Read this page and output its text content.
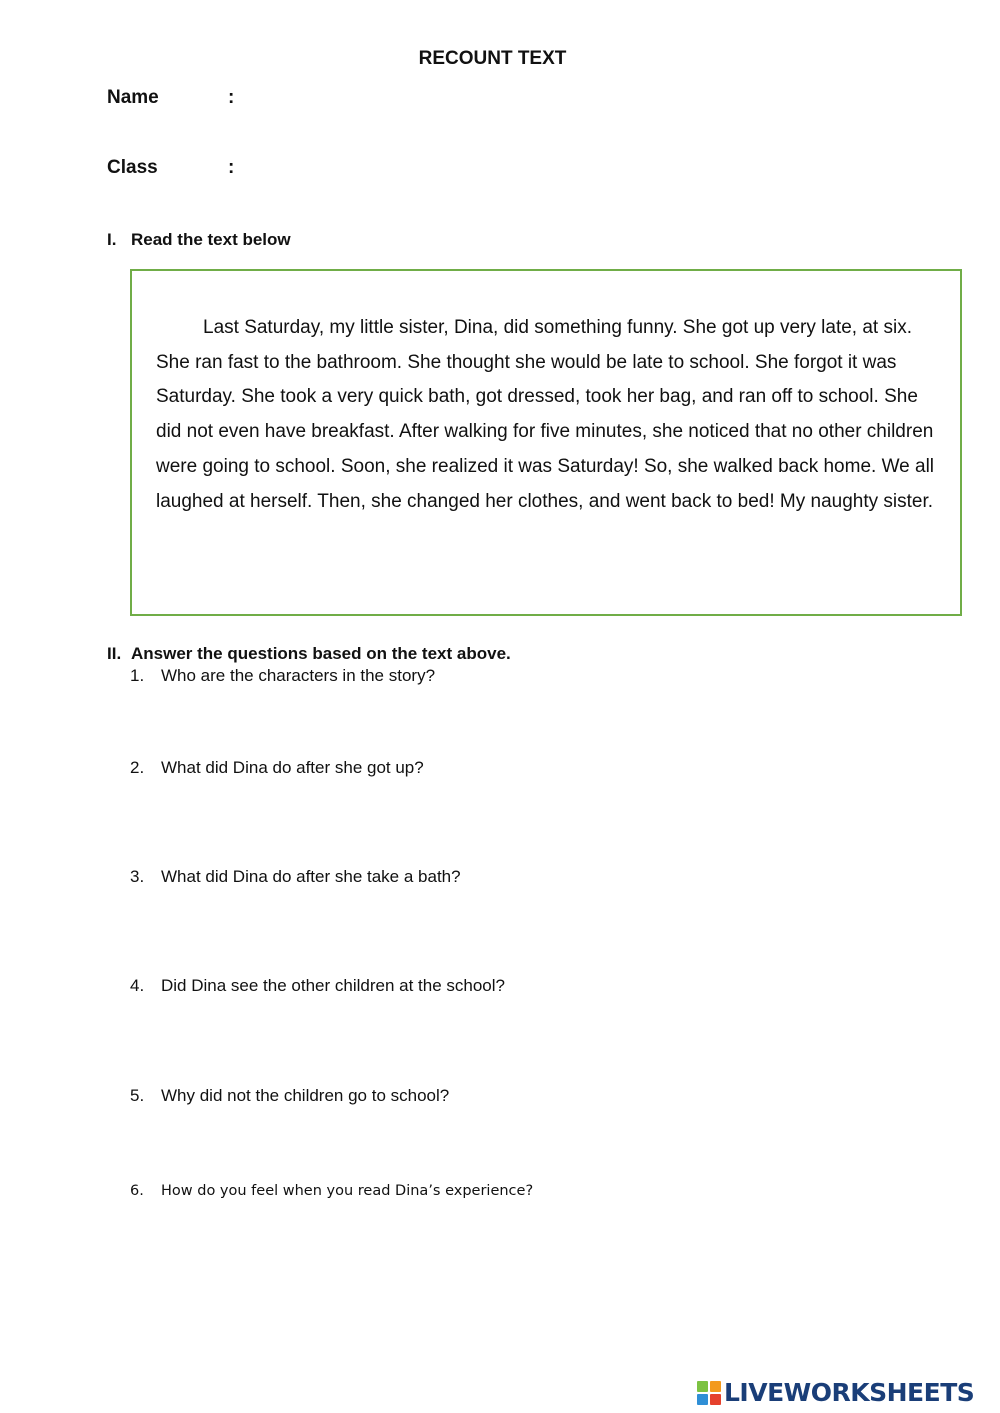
RECOUNT TEXT
Name	:
Class	:
I. Read the text below
Last Saturday, my little sister, Dina, did something funny. She got up very late, at six. She ran fast to the bathroom. She thought she would be late to school. She forgot it was Saturday. She took a very quick bath, got dressed, took her bag, and ran off to school. She did not even have breakfast. After walking for five minutes, she noticed that no other children were going to school. Soon, she realized it was Saturday! So, she walked back home. We all laughed at herself. Then, she changed her clothes, and went back to bed! My naughty sister.
II. Answer the questions based on the text above.
1. Who are the characters in the story?
2. What did Dina do after she got up?
3. What did Dina do after she take a bath?
4. Did Dina see the other children at the school?
5. Why did not the children go to school?
6. How do you feel when you read Dina’s experience?
LIVEWORKSHEETS
